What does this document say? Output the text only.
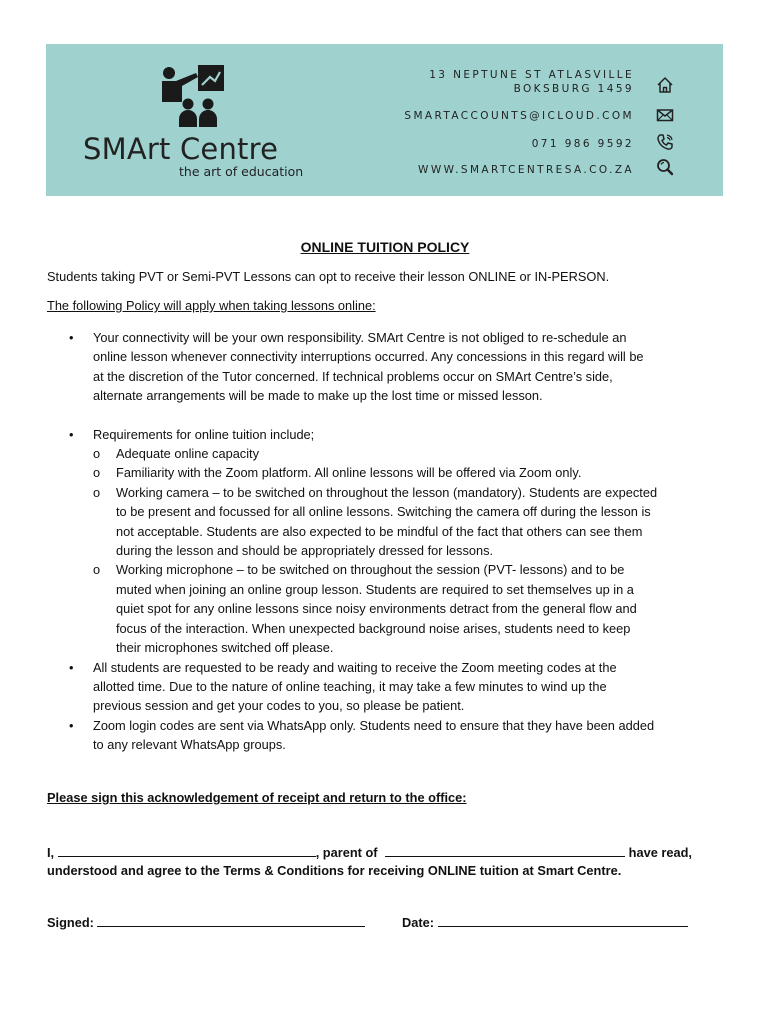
SMArt Centre
the art of education
13 NEPTUNE ST ATLASVILLE
BOKSBURG 1459
SMARTACCOUNTS@ICLOUD.COM
071 986 9592
WWW.SMARTCENTRESA.CO.ZA
ONLINE TUITION POLICY
Students taking PVT or Semi-PVT Lessons can opt to receive their lesson ONLINE or IN-PERSON.
The following Policy will apply when taking lessons online:
• Your connectivity will be your own responsibility. SMArt Centre is not obliged to re-schedule an
online lesson whenever connectivity interruptions occurred. Any concessions in this regard will be
at the discretion of the Tutor concerned. If technical problems occur on SMArt Centre’s side,
alternate arrangements will be made to make up the lost time or missed lesson.
• Requirements for online tuition include;
o Adequate online capacity
o Familiarity with the Zoom platform. All online lessons will be offered via Zoom only.
o Working camera – to be switched on throughout the lesson (mandatory). Students are expected
to be present and focussed for all online lessons. Switching the camera off during the lesson is
not acceptable. Students are also expected to be mindful of the fact that others can see them
during the lesson and should be appropriately dressed for lessons.
o Working microphone – to be switched on throughout the session (PVT- lessons) and to be
muted when joining an online group lesson. Students are required to set themselves up in a
quiet spot for any online lessons since noisy environments detract from the general flow and
focus of the interaction. When unexpected background noise arises, students need to keep
their microphones switched off please.
• All students are requested to be ready and waiting to receive the Zoom meeting codes at the
allotted time. Due to the nature of online teaching, it may take a few minutes to wind up the
previous session and get your codes to you, so please be patient.
• Zoom login codes are sent via WhatsApp only. Students need to ensure that they have been added
to any relevant WhatsApp groups.
Please sign this acknowledgement of receipt and return to the office:
I,	, parent of	have read,
understood and agree to the Terms & Conditions for receiving ONLINE tuition at Smart Centre.
Signed:	Date:
